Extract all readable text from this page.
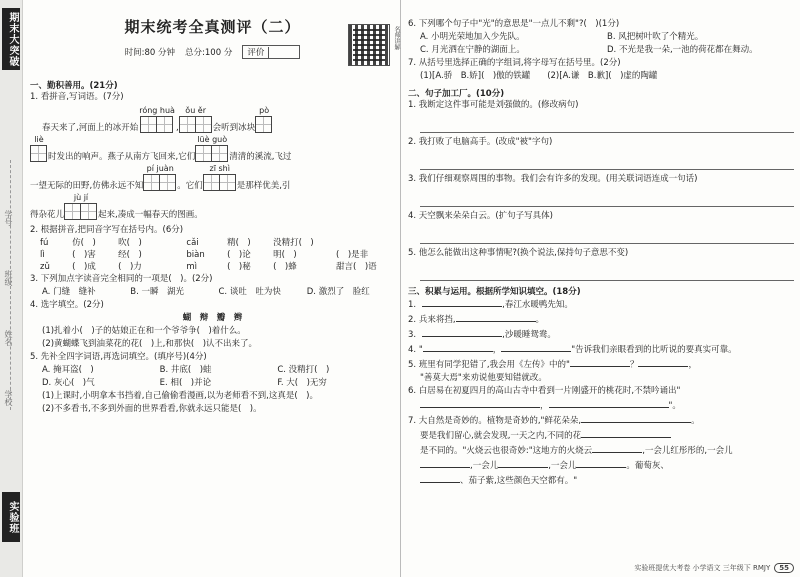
期末大突破
学号
班级
姓名
学校
实验班
期末统考全真测评（二）
时间:80 分钟 总分:100 分 评价
名师讲解
一、勤积善用。(21分)
1. 看拼音,写词语。(7分)
春天来了,河面上的冰开始
róng huà
,
ǒu ěr
会听到冰块
pò
liè
时发出的响声。燕子从南方飞回来,它们
lüè guò
清清的溪流,飞过
一望无际的田野,仿佛永远不知
pí juàn
。它们
zī shì
是那样优美,引
得杂花儿
jù jí
起来,凑成一幅春天的图画。
2. 根据拼音,把同音字写在括号内。(6分)
fú	仿(　)	吹(　)	cǎi	精(　)	没精打(　)
lì	(　)害	经(　)	biàn	(　)论	明(　)	(　)是非
zǔ	(　)成	(　)力	mì	(　)秘	(　)蜂	甜言(　)语
3. 下列加点字读音完全相同的一项是(　)。(2分)
A. 门缝　缝补	B. 一瞬　湖光	C. 谈吐　吐为快	D. 激烈了　脸红
4. 选字填空。(2分)
蝴　辩　瓣　辫
(1)扎着小(　)子的姑娘正在和一个爷爷争(　)着什么。
(2)黄蝴蝶飞到油菜花的花(　)上,和那快(　)认不出来了。
5. 先补全四字词语,再选词填空。(填序号)(4分)
A. 掩耳盗(　)	B. 井底(　)蛙	C. 没精打(　)
D. 灰心(　)气	E. 相(　)并论	F. 大(　)无穷
(1)上课时,小明拿本书挡着,自己偷偷看漫画,以为老师看不到,这真是(　)。
(2)不多看书,不多到外面的世界看看,你就永远只能是(　)。
6. 下列哪个句子中"光"的意思是"一点儿不剩"?(　)(1分)
A. 小明光荣地加入少先队。	B. 风把树叶吹了个精光。
C. 月光洒在宁静的湖面上。	D. 不光是我一朵,一池的荷花都在舞动。
7. 从括号里选择正确的字组词,将字母写在括号里。(2分)
(1)[A.骄　B.娇](　)傲的铁罐　　(2)[A.谦　B.歉](　)虚的陶罐
二、句子加工厂。(10分)
1. 我断定这件事可能是刘强做的。(修改病句)
2. 我打败了电脑高手。(改成"被"字句)
3. 我们仔细观察周围的事物。我们会有许多的发现。(用关联词语连成一句话)
4. 天空飘来朵朵白云。(扩句子写具体)
5. 他怎么能做出这种事情呢?(换个说法,保持句子意思不变)
三、积累与运用。根据所学知识填空。(18分)
1.	,春江水暖鸭先知。
2. 兵来将挡,	。
3.	,沙暖睡鸳鸯。
4. "	，	"告诉我们亲眼看到的比听说的要真实可靠。
5. 班里有同学犯错了,我会用《左传》中的"	？	，
"善莫大焉"来劝说他要知错就改。
6. 白居易在初夏四月的高山古寺中看到一片刚盛开的桃花时,不禁吟诵出"
，	"。
7. 大自然是奇妙的。植物是奇妙的,"鲜花朵朵,	。
要是我们留心,就会发现,一天之内,不同的花
是不同的。"火烧云也很奇妙:"这地方的火烧云	,一会儿红彤彤的,一会儿
,一会儿	,一会儿	。葡萄灰、
、茄子紫,这些颜色天空都有。"
实验班提优大考卷 小学语文 三年级下 RMJY	55
